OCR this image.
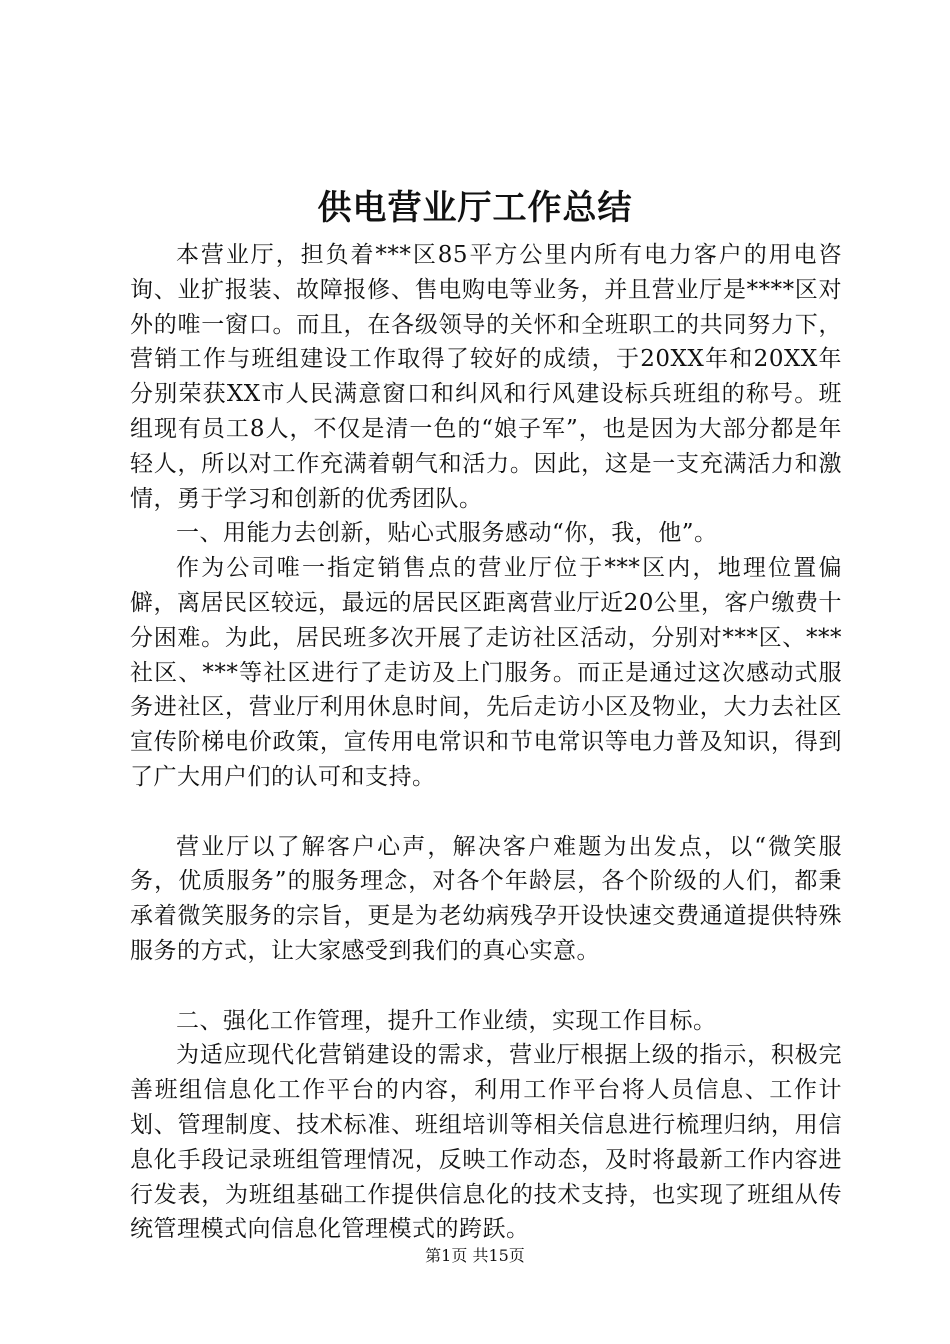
供电营业厅工作总结

本营业厅，担负着***区85平方公里内所有电力客户的用电咨询、业扩报装、故障报修、售电购电等业务，并且营业厅是****区对外的唯一窗口。而且，在各级领导的关怀和全班职工的共同努力下，营销工作与班组建设工作取得了较好的成绩，于20XX年和20XX年分别荣获XX市人民满意窗口和纠风和行风建设标兵班组的称号。班组现有员工8人，不仅是清一色的“娘子军”，也是因为大部分都是年轻人，所以对工作充满着朝气和活力。因此，这是一支充满活力和激情，勇于学习和创新的优秀团队。

一、用能力去创新，贴心式服务感动“你，我，他”。

作为公司唯一指定销售点的营业厅位于***区内，地理位置偏僻，离居民区较远，最远的居民区距离营业厅近20公里，客户缴费十分困难。为此，居民班多次开展了走访社区活动，分别对***区、***社区、***等社区进行了走访及上门服务。而正是通过这次感动式服务进社区，营业厅利用休息时间，先后走访小区及物业，大力去社区宣传阶梯电价政策，宣传用电常识和节电常识等电力普及知识，得到了广大用户们的认可和支持。

营业厅以了解客户心声，解决客户难题为出发点，以“微笑服务，优质服务”的服务理念，对各个年龄层，各个阶级的人们，都秉承着微笑服务的宗旨，更是为老幼病残孕开设快速交费通道提供特殊服务的方式，让大家感受到我们的真心实意。

二、强化工作管理，提升工作业绩，实现工作目标。

为适应现代化营销建设的需求，营业厅根据上级的指示，积极完善班组信息化工作平台的内容，利用工作平台将人员信息、工作计划、管理制度、技术标准、班组培训等相关信息进行梳理归纳，用信息化手段记录班组管理情况，反映工作动态，及时将最新工作内容进行发表，为班组基础工作提供信息化的技术支持，也实现了班组从传统管理模式向信息化管理模式的跨跃。

第1页 共15页
